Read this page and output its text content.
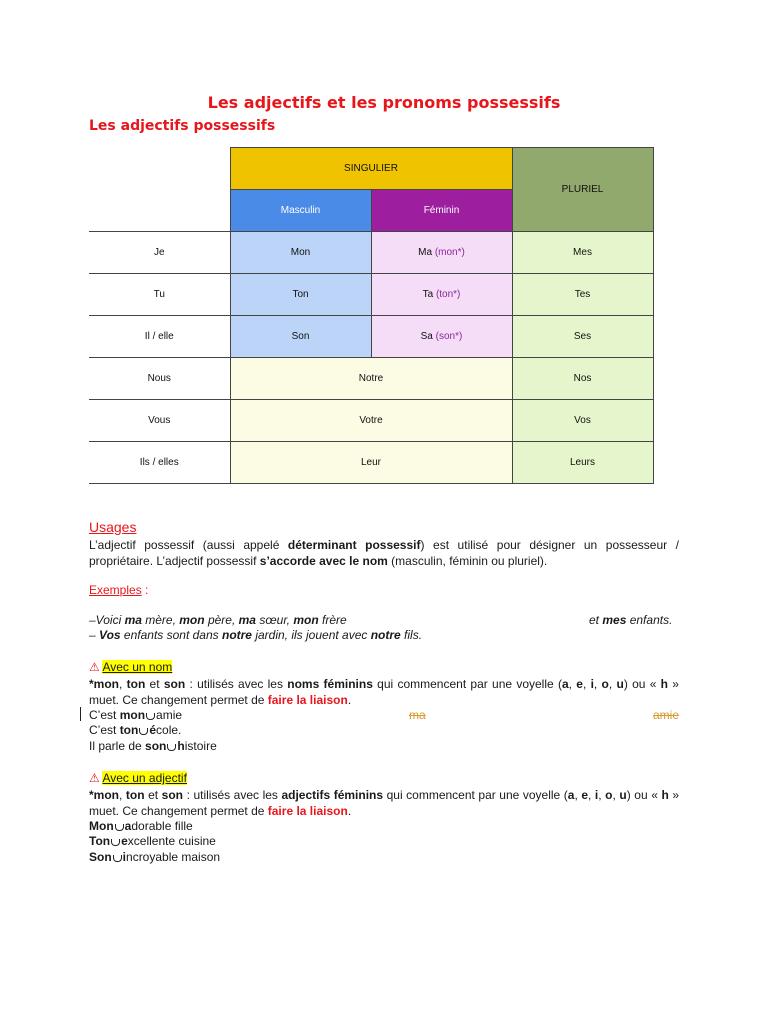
Les adjectifs et les pronoms possessifs
Les adjectifs possessifs
	SINGULIER		PLURIEL
	Masculin	Féminin	
Je	Mon	Ma (mon*)	Mes
Tu	Ton	Ta (ton*)	Tes
Il / elle	Son	Sa (son*)	Ses
Nous	Notre		Nos
Vous	Votre		Vos
Ils / elles	Leur		Leurs
Usages
L’adjectif possessif (aussi appelé déterminant possessif) est utilisé pour désigner un possesseur / propriétaire. L’adjectif possessif s’accorde avec le nom (masculin, féminin ou pluriel).
Exemples :
–Voici ma mère, mon père, ma sœur, mon frère	et mes enfants.
– Vos enfants sont dans notre jardin, ils jouent avec notre fils.
⚠ Avec un nom
*mon, ton et son : utilisés avec les noms féminins qui commencent par une voyelle (a, e, i, o, u) ou « h » muet. Ce changement permet de faire la liaison.
C’est mon amie	ma	amie
C’est ton école.
Il parle de son histoire
⚠ Avec un adjectif
*mon, ton et son : utilisés avec les adjectifs féminins qui commencent par une voyelle (a, e, i, o, u) ou « h » muet. Ce changement permet de faire la liaison.
Mon adorable fille
Ton excellente cuisine
Son incroyable maison
